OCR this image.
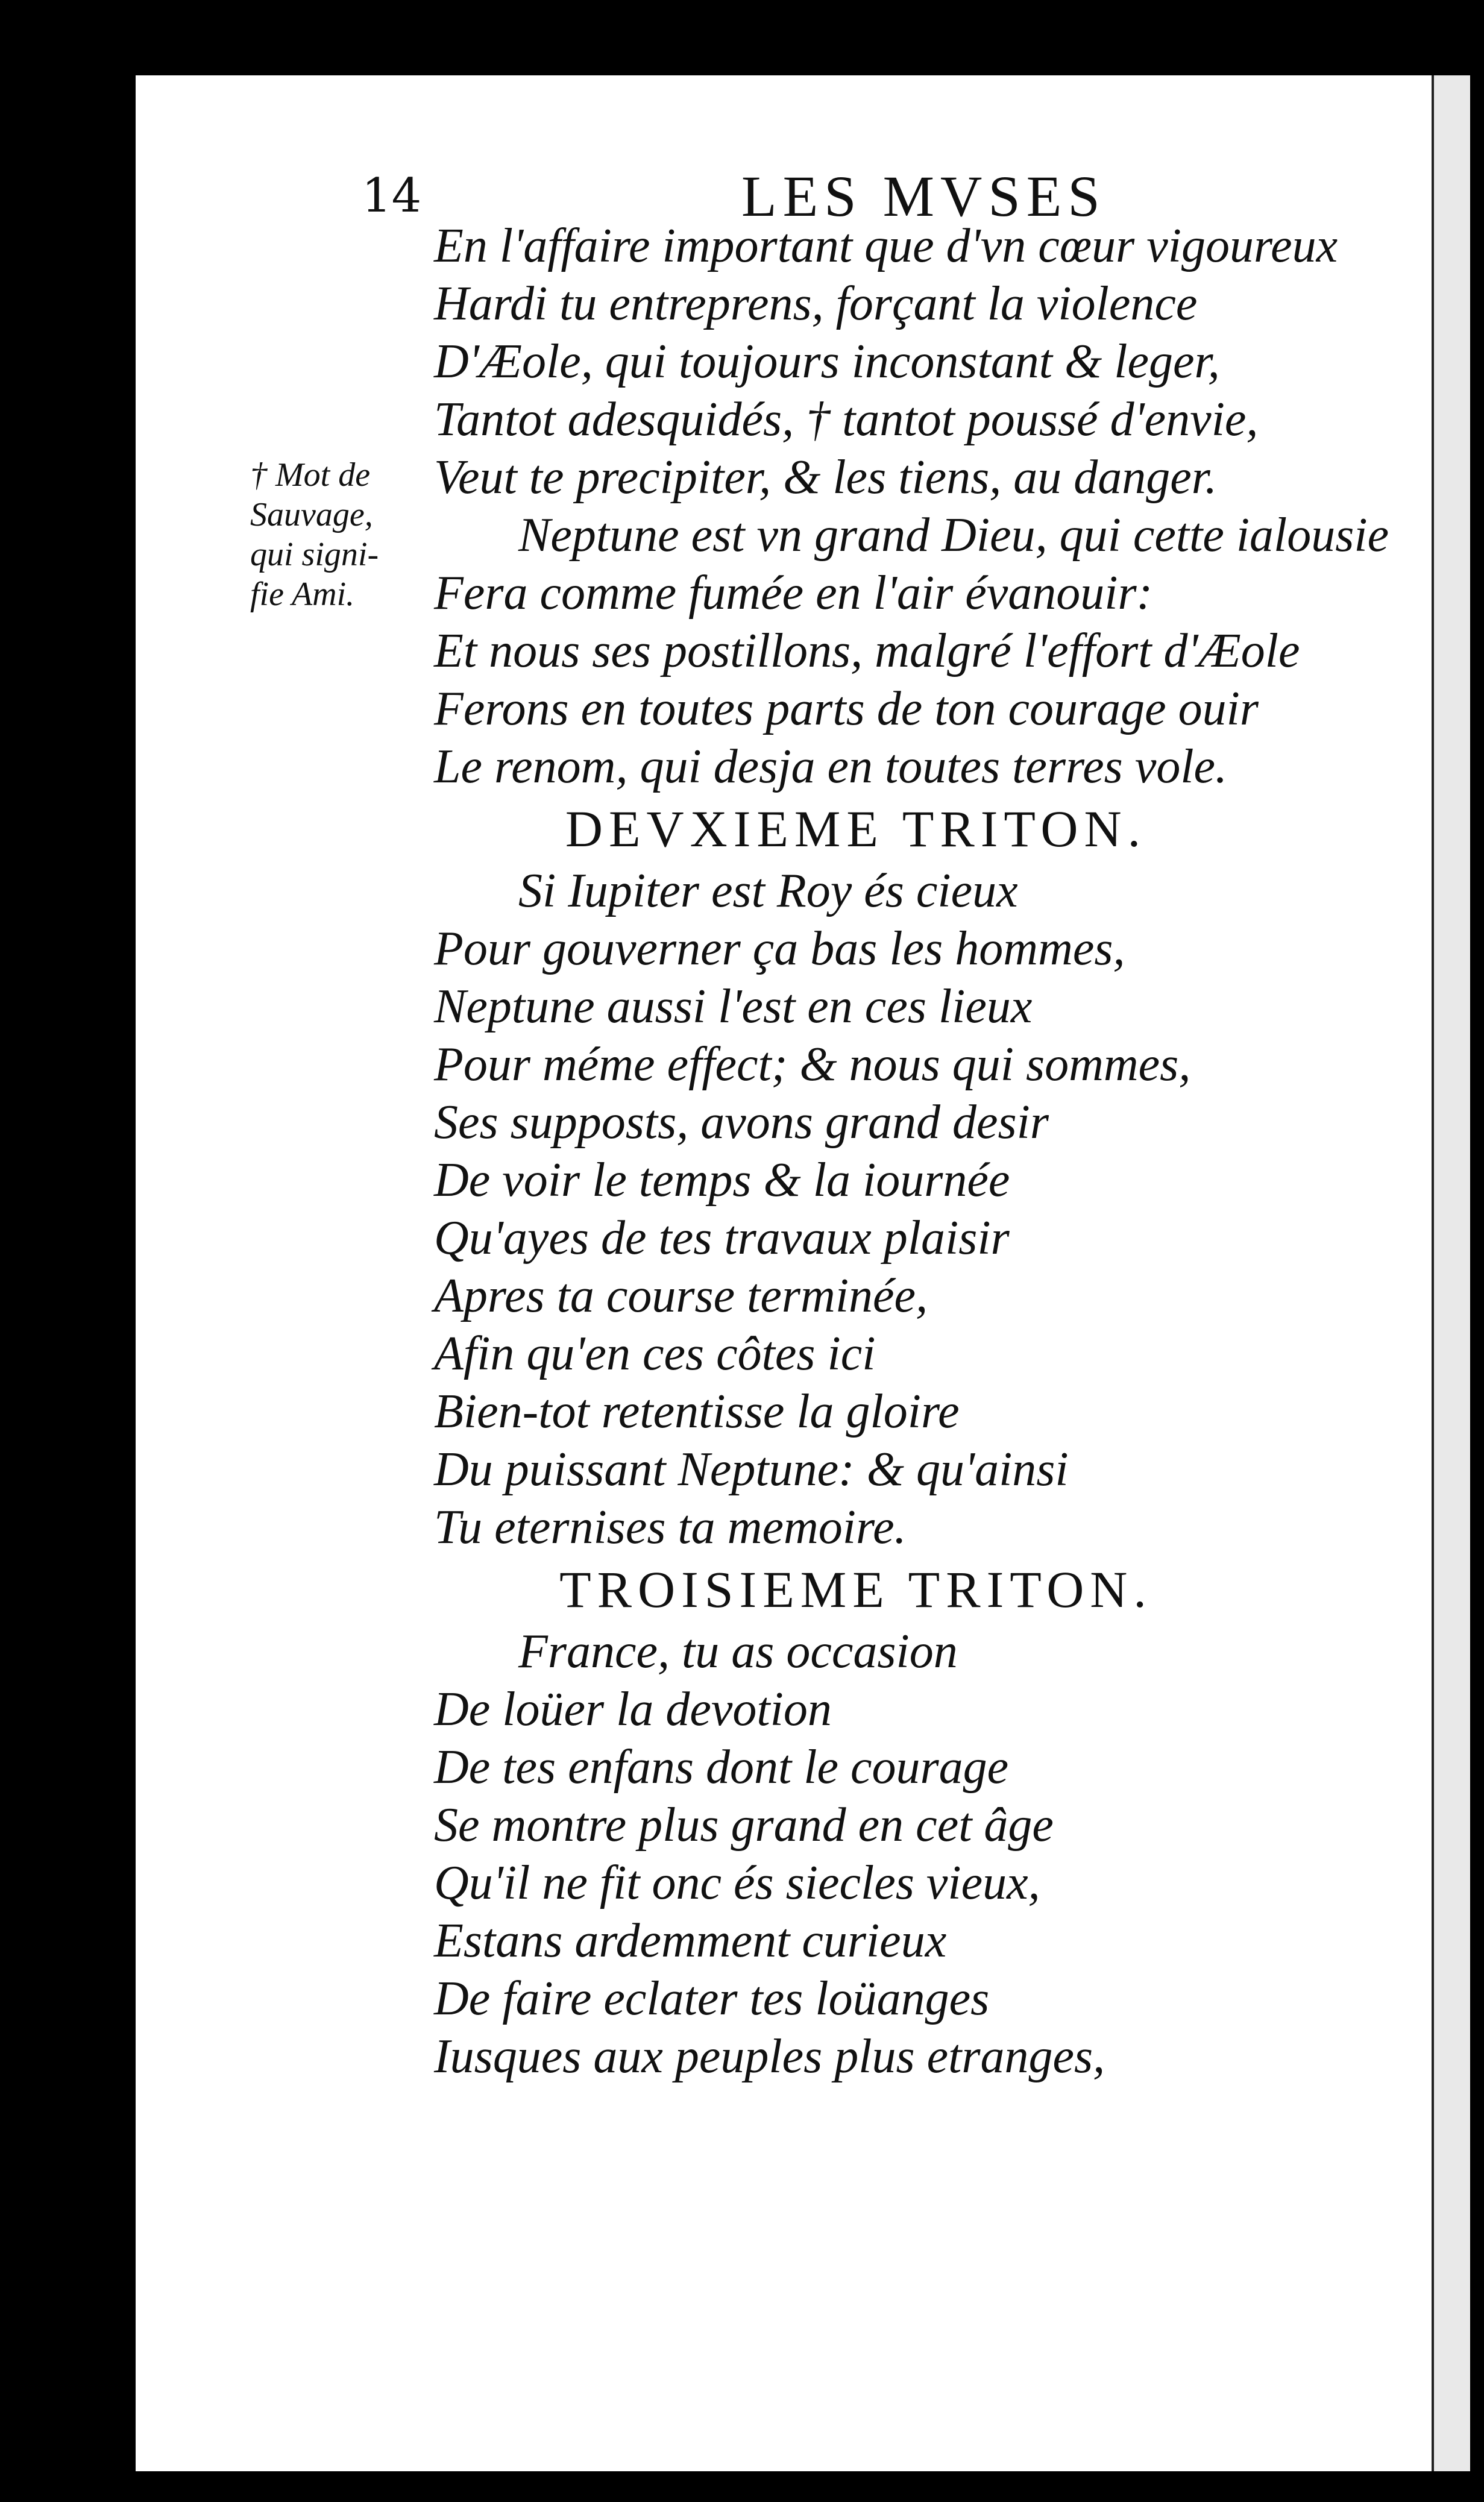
14	LES MVSES
† Mot de
Sauvage,
qui signi-
fie Ami.
En l'affaire important que d'vn cœur vigoureux
Hardi tu entreprens, forçant la violence
D'Æole, qui toujours inconstant & leger,
Tantot adesquidés, † tantot poussé d'envie,
Veut te precipiter, & les tiens, au danger.
Neptune est vn grand Dieu, qui cette ialousie
Fera comme fumée en l'air évanouir:
Et nous ses postillons, malgré l'effort d'Æole
Ferons en toutes parts de ton courage ouir
Le renom, qui desja en toutes terres vole.
DEVXIEME TRITON.
Si Iupiter est Roy és cieux
Pour gouverner ça bas les hommes,
Neptune aussi l'est en ces lieux
Pour méme effect; & nous qui sommes,
Ses supposts, avons grand desir
De voir le temps & la iournée
Qu'ayes de tes travaux plaisir
Apres ta course terminée,
Afin qu'en ces côtes ici
Bien-tot retentisse la gloire
Du puissant Neptune: & qu'ainsi
Tu eternises ta memoire.
TROISIEME TRITON.
France, tu as occasion
De loüer la devotion
De tes enfans dont le courage
Se montre plus grand en cet âge
Qu'il ne fit onc és siecles vieux,
Estans ardemment curieux
De faire eclater tes loüanges
Iusques aux peuples plus etranges,
